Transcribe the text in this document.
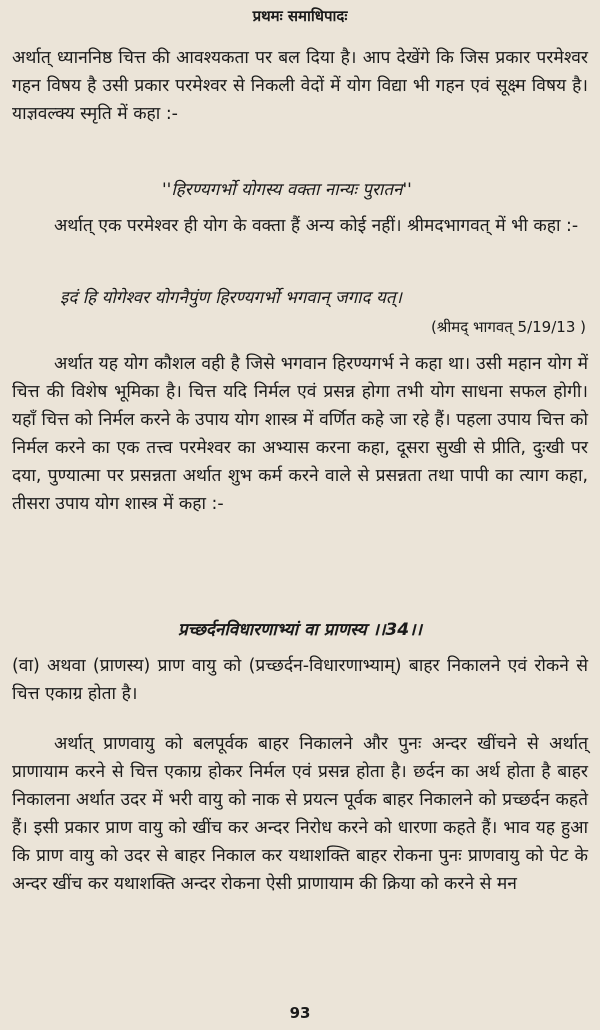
प्रथमः समाधिपादः
अर्थात् ध्याननिष्ठ चित्त की आवश्यकता पर बल दिया है। आप देखेंगे कि जिस प्रकार परमेश्वर गहन विषय है उसी प्रकार परमेश्वर से निकली वेदों में योग विद्या भी गहन एवं सूक्ष्म विषय है। याज्ञवल्क्य स्मृति में कहा :-
''हिरण्यगर्भो योगस्य वक्ता नान्यः पुरातन''
अर्थात् एक परमेश्वर ही योग के वक्ता हैं अन्य कोई नहीं। श्रीमदभागवत् में भी कहा :-
इदं हि योगेश्वर योगनैपुंण हिरण्यगर्भो भगवान् जगाद यत्।
(श्रीमद् भागवत् 5/19/13 )
अर्थात यह योग कौशल वही है जिसे भगवान हिरण्यगर्भ ने कहा था। उसी महान योग में चित्त की विशेष भूमिका है। चित्त यदि निर्मल एवं प्रसन्न होगा तभी योग साधना सफल होगी। यहाँ चित्त को निर्मल करने के उपाय योग शास्त्र में वर्णित कहे जा रहे हैं। पहला उपाय चित्त को निर्मल करने का एक तत्त्व परमेश्वर का अभ्यास करना कहा, दूसरा सुखी से प्रीति, दुःखी पर दया, पुण्यात्मा पर प्रसन्नता अर्थात शुभ कर्म करने वाले से प्रसन्नता तथा पापी का त्याग कहा, तीसरा उपाय योग शास्त्र में कहा :-
प्रच्छर्दनविधारणाभ्यां वा प्राणस्य ।।34।।
(वा) अथवा (प्राणस्य) प्राण वायु को (प्रच्छर्दन-विधारणाभ्याम्) बाहर निकालने एवं रोकने से चित्त एकाग्र होता है।
अर्थात् प्राणवायु को बलपूर्वक बाहर निकालने और पुनः अन्दर खींचने से अर्थात् प्राणायाम करने से चित्त एकाग्र होकर निर्मल एवं प्रसन्न होता है। छर्दन का अर्थ होता है बाहर निकालना अर्थात उदर में भरी वायु को नाक से प्रयत्न पूर्वक बाहर निकालने को प्रच्छर्दन कहते हैं। इसी प्रकार प्राण वायु को खींच कर अन्दर निरोध करने को धारणा कहते हैं। भाव यह हुआ कि प्राण वायु को उदर से बाहर निकाल कर यथाशक्ति बाहर रोकना पुनः प्राणवायु को पेट के अन्दर खींच कर यथाशक्ति अन्दर रोकना ऐसी प्राणायाम की क्रिया को करने से मन
93
